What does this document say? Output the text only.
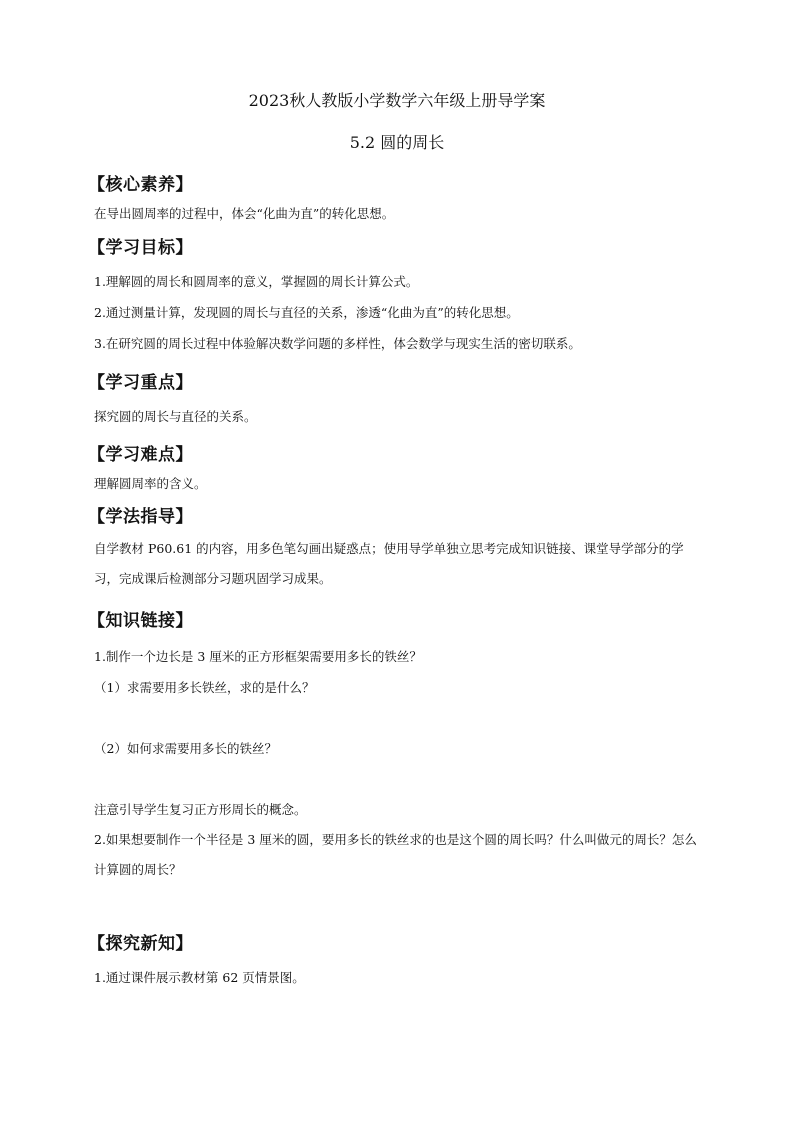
2023秋人教版小学数学六年级上册导学案
5.2 圆的周长
【核心素养】
在导出圆周率的过程中，体会“化曲为直”的转化思想。
【学习目标】
1.理解圆的周长和圆周率的意义，掌握圆的周长计算公式。
2.通过测量计算，发现圆的周长与直径的关系，渗透“化曲为直”的转化思想。
3.在研究圆的周长过程中体验解决数学问题的多样性，体会数学与现实生活的密切联系。
【学习重点】
探究圆的周长与直径的关系。
【学习难点】
理解圆周率的含义。
【学法指导】
自学教材 P60.61 的内容，用多色笔勾画出疑惑点；使用导学单独立思考完成知识链接、课堂导学部分的学习，完成课后检测部分习题巩固学习成果。
【知识链接】
1.制作一个边长是 3 厘米的正方形框架需要用多长的铁丝？
（1）求需要用多长铁丝，求的是什么？
（2）如何求需要用多长的铁丝？
注意引导学生复习正方形周长的概念。
2.如果想要制作一个半径是 3 厘米的圆，要用多长的铁丝求的也是这个圆的周长吗？什么叫做元的周长？怎么计算圆的周长？
【探究新知】
1.通过课件展示教材第 62 页情景图。
